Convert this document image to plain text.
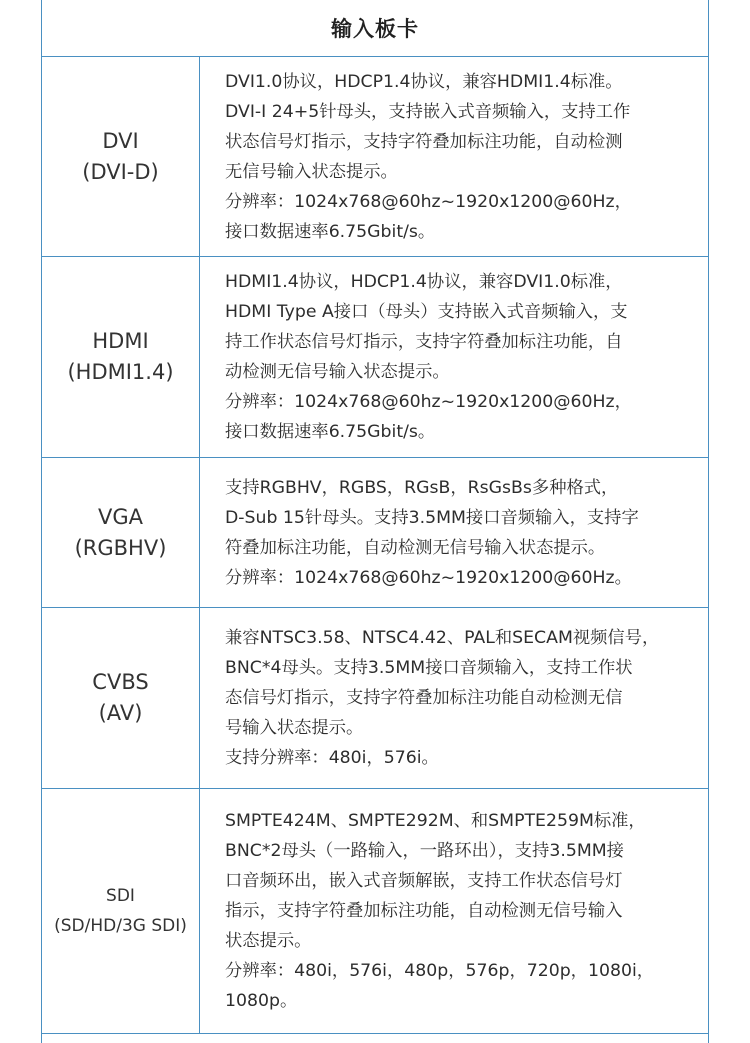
输入板卡
DVI
(DVI-D)
DVI1.0协议，HDCP1.4协议，兼容HDMI1.4标准。
DVI-I 24+5针母头，支持嵌入式音频输入，支持工作
状态信号灯指示，支持字符叠加标注功能，自动检测
无信号输入状态提示。
分辨率：1024x768@60hz~1920x1200@60Hz，
接口数据速率6.75Gbit/s。
HDMI
(HDMI1.4)
HDMI1.4协议，HDCP1.4协议，兼容DVI1.0标准，
HDMI Type A接口（母头）支持嵌入式音频输入，支
持工作状态信号灯指示，支持字符叠加标注功能，自
动检测无信号输入状态提示。
分辨率：1024x768@60hz~1920x1200@60Hz，
接口数据速率6.75Gbit/s。
VGA
(RGBHV)
支持RGBHV，RGBS，RGsB，RsGsBs多种格式，
D-Sub 15针母头。支持3.5MM接口音频输入，支持字
符叠加标注功能，自动检测无信号输入状态提示。
分辨率：1024x768@60hz~1920x1200@60Hz。
CVBS
(AV)
兼容NTSC3.58、NTSC4.42、PAL和SECAM视频信号，
BNC*4母头。支持3.5MM接口音频输入，支持工作状
态信号灯指示，支持字符叠加标注功能自动检测无信
号输入状态提示。
支持分辨率：480i，576i。
SDI
(SD/HD/3G SDI)
SMPTE424M、SMPTE292M、和SMPTE259M标准，
BNC*2母头（一路输入，一路环出），支持3.5MM接
口音频环出，嵌入式音频解嵌，支持工作状态信号灯
指示，支持字符叠加标注功能，自动检测无信号输入
状态提示。
分辨率：480i，576i，480p，576p，720p，1080i，
1080p。
